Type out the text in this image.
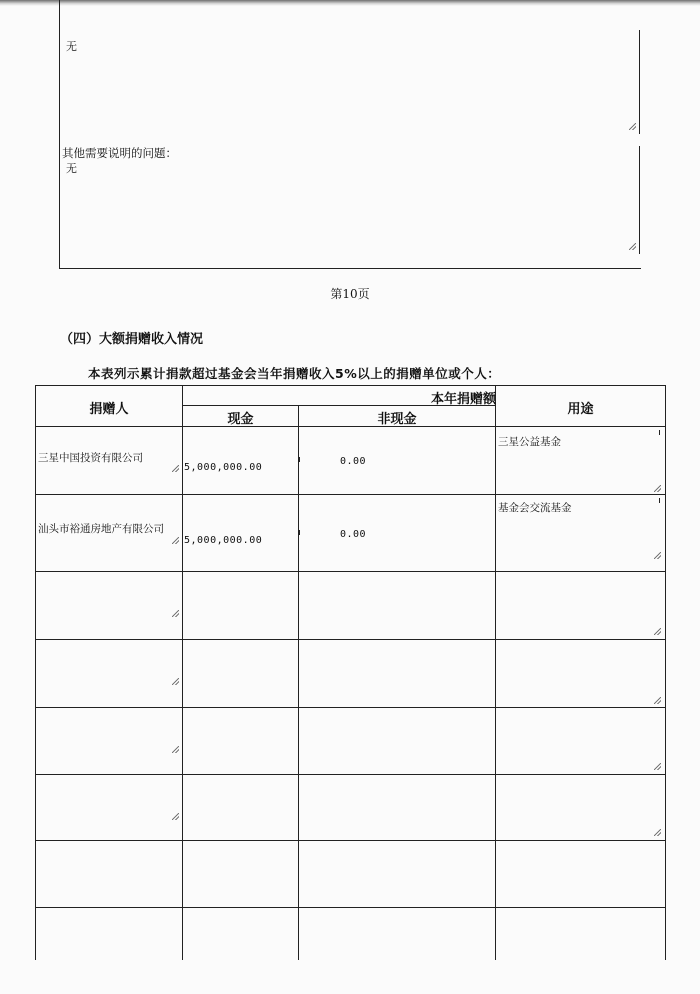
无
其他需要说明的问题：
无
第10页
（四）大额捐赠收入情况
本表列示累计捐款超过基金会当年捐赠收入5%以上的捐赠单位或个人：
捐赠人
本年捐赠额
现金	非现金
用途
三星中国投资有限公司
5,000,000.00
0.00
三星公益基金
汕头市裕通房地产有限公司
5,000,000.00
0.00
基金会交流基金
